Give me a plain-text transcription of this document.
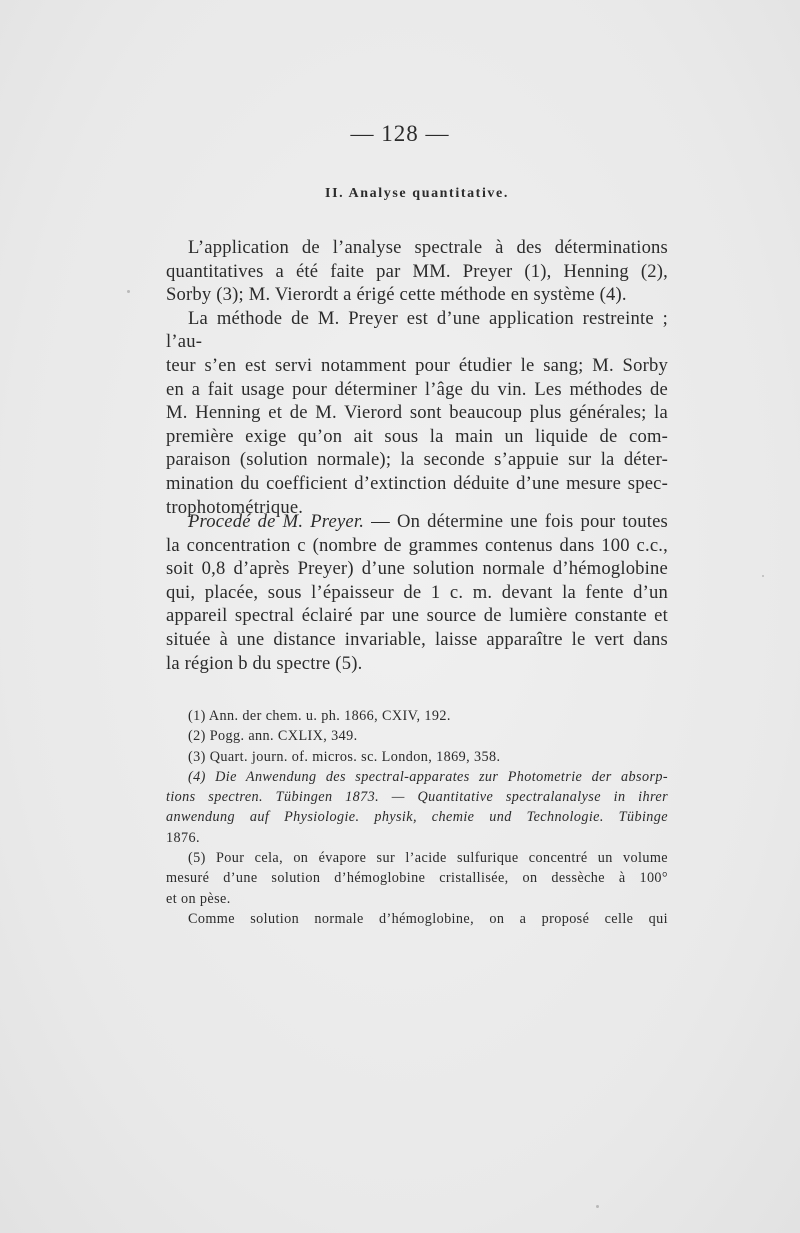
— 128 —
II. Analyse quantitative.

L’application de l’analyse spectrale à des déterminations

quantitatives a été faite par MM. Preyer (1), Henning (2),

Sorby (3); M. Vierordt a érigé cette méthode en système (4).

La méthode de M. Preyer est d’une application restreinte ; l’au-

teur s’en est servi notamment pour étudier le sang; M. Sorby

en a fait usage pour déterminer l’âge du vin. Les méthodes de

M. Henning et de M. Vierord sont beaucoup plus générales; la

première exige qu’on ait sous la main un liquide de com-

paraison (solution normale); la seconde s’appuie sur la déter-

mination du coefficient d’extinction déduite d’une mesure spec-

trophotométrique.

Procedé de M. Preyer. — On détermine une fois pour toutes

la concentration c (nombre de grammes contenus dans 100 c.c.,

soit 0,8 d’après Preyer) d’une solution normale d’hémoglobine

qui, placée, sous l’épaisseur de 1 c. m. devant la fente d’un

appareil spectral éclairé par une source de lumière constante et

située à une distance invariable, laisse apparaître le vert dans

la région b du spectre (5).

(1) Ann. der chem. u. ph. 1866, CXIV, 192.

(2) Pogg. ann. CXLIX, 349.

(3) Quart. journ. of. micros. sc. London, 1869, 358.

(4) Die Anwendung des spectral-apparates zur Photometrie der absorp-

tions spectren. Tübingen 1873. — Quantitative spectralanalyse in ihrer

anwendung auf Physiologie. physik, chemie und Technologie. Tübinge

1876.

(5) Pour cela, on évapore sur l’acide sulfurique concentré un volume

mesuré d’une solution d’hémoglobine cristallisée, on dessèche à 100°

et on pèse.

Comme solution normale d’hémoglobine, on a proposé celle qui
